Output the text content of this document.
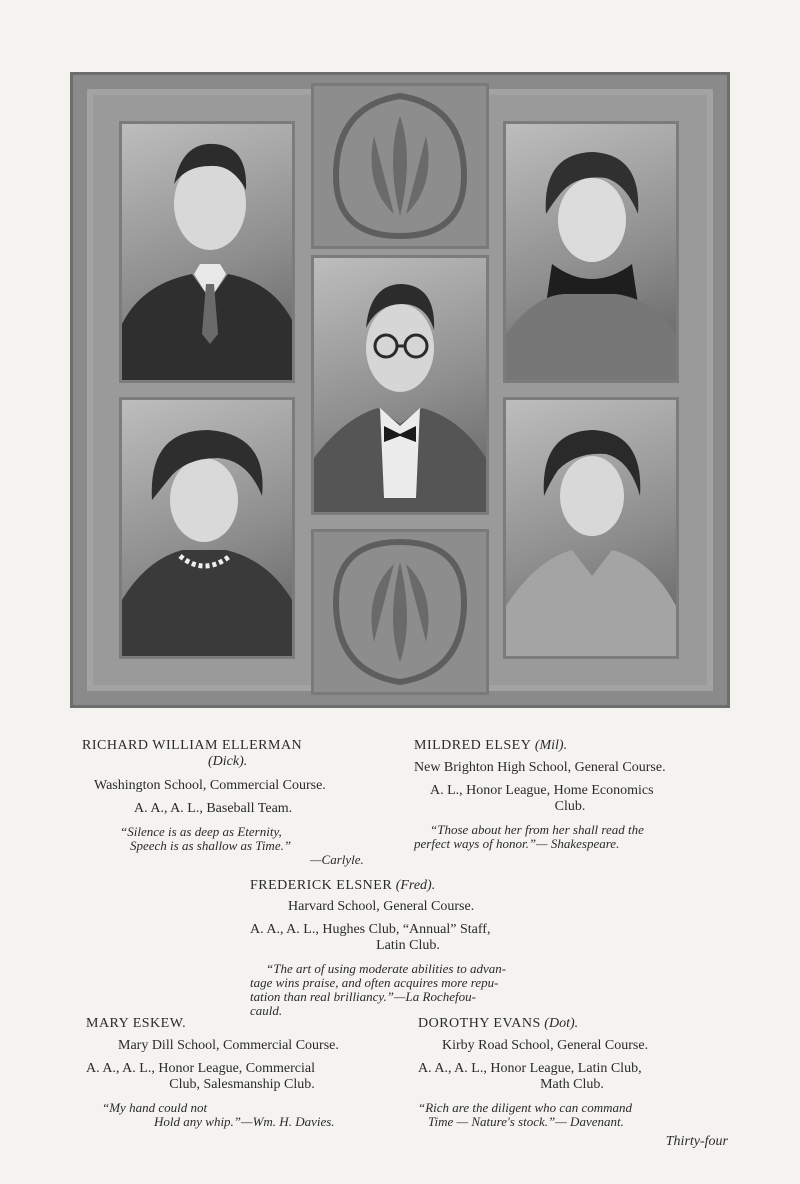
RICHARD WILLIAM ELLERMAN
(Dick).
Washington School, Commercial Course.
A. A., A. L., Baseball Team.
“Silence is as deep as Eternity,
Speech is as shallow as Time.”
—Carlyle.
MILDRED ELSEY (Mil).
New Brighton High School, General Course.
A. L., Honor League, Home Economics
Club.
“Those about her from her shall read the
perfect ways of honor.”— Shakespeare.
FREDERICK ELSNER (Fred).
Harvard School, General Course.
A. A., A. L., Hughes Club, “Annual” Staff,
Latin Club.
“The art of using moderate abilities to advan-
tage wins praise, and often acquires more repu-
tation than real brilliancy.”—La Rochefou-
cauld.
MARY ESKEW.
Mary Dill School, Commercial Course.
A. A., A. L., Honor League, Commercial
Club, Salesmanship Club.
“My hand could not
Hold any whip.”—Wm. H. Davies.
DOROTHY EVANS (Dot).
Kirby Road School, General Course.
A. A., A. L., Honor League, Latin Club,
Math Club.
“Rich are the diligent who can command
Time — Nature's stock.”— Davenant.
Thirty-four
